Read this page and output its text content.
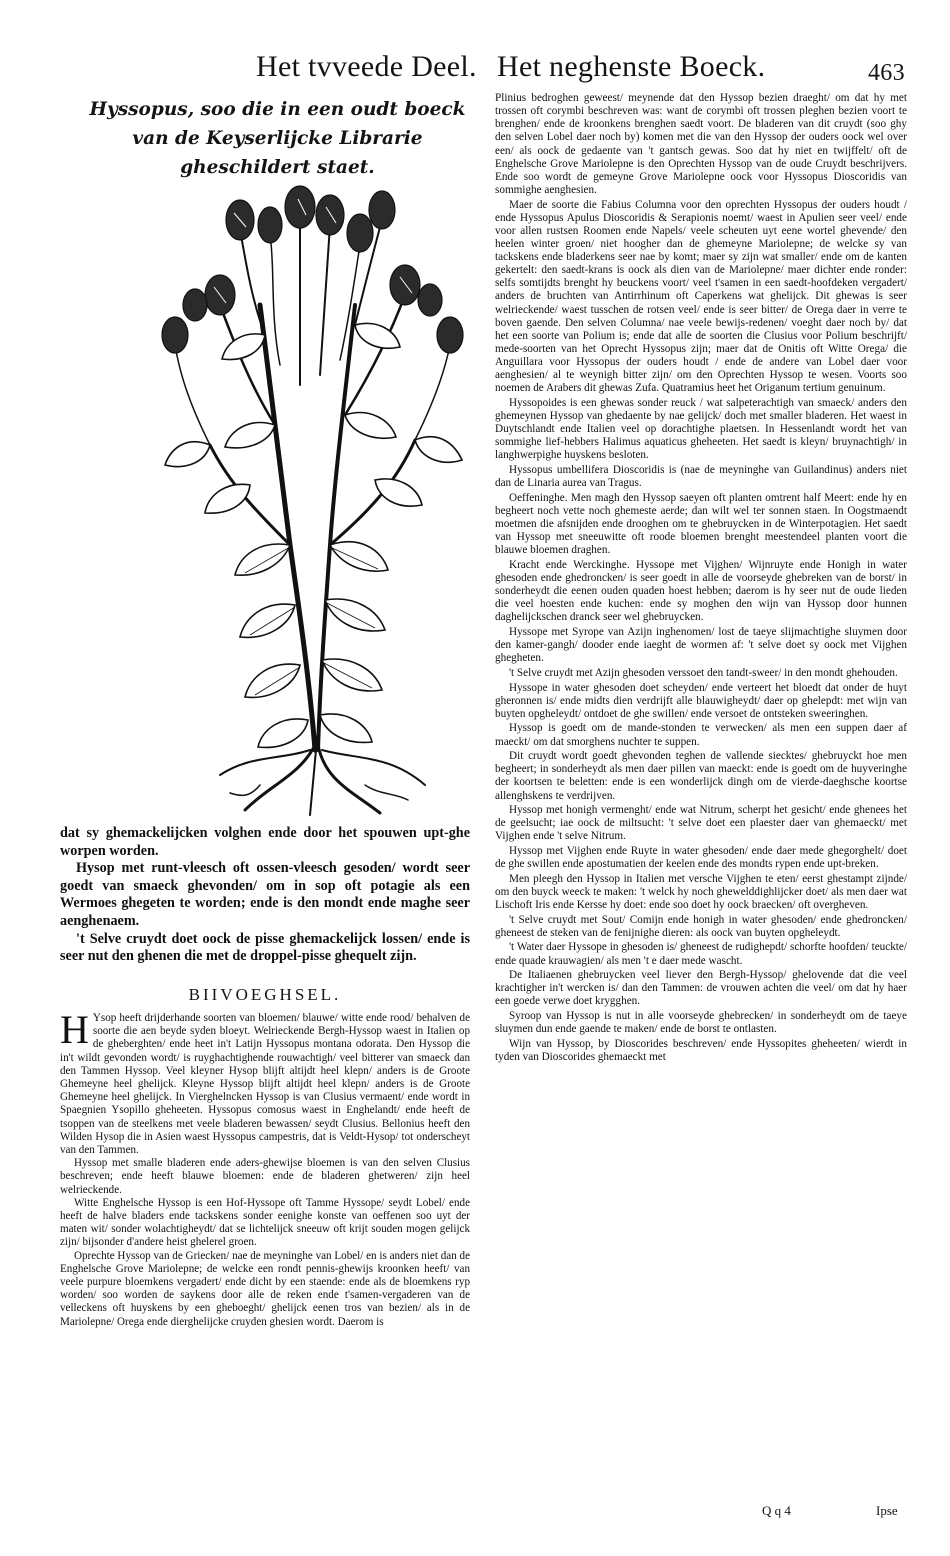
Het tvveede Deel. Het neghenste Boeck.	463
Hyssopus, soo die in een oudt boeck van de Keyserlijcke Librarie gheschildert staet.

Plinius bedroghen geweest/ meynende dat den Hyssop bezien draeght/ om dat hy met trossen oft corymbi beschreven was: want de corymbi oft trossen pleghen bezien voort te brenghen/ ende de kroonkens brenghen saedt voort. De bladeren van dit cruydt (soo ghy den selven Lobel daer noch by) komen met die van den Hyssop der ouders oock wel over een/ als oock de gedaente van 't gantsch gewas. Soo dat hy niet en twijffelt/ oft de Enghelsche Grove Mariolepne is den Oprechten Hyssop van de oude Cruydt beschrijvers. Ende soo wordt de gemeyne Grove Mariolepne oock voor Hyssopus Dioscoridis van sommighe aenghesien.

Maer de soorte die Fabius Columna voor den oprechten Hyssopus der ouders houdt / ende Hyssopus Apulus Dioscoridis & Serapionis noemt/ waest in Apulien seer veel/ ende voor allen rustsen Roomen ende Napels/ veele scheuten uyt eene wortel ghevende/ den heelen winter groen/ niet hoogher dan de ghemeyne Mariolepne; de welcke sy van tackskens ende bladerkens seer nae by komt; maer sy zijn wat smaller/ ende om de kanten gekertelt: den saedt-krans is oock als dien van de Mariolepne/ maer dichter ende ronder: selfs somtijdts brenght hy beuckens voort/ veel t'samen in een saedt-hoofdeken vergadert/ anders de bruchten van Antirrhinum oft Caperkens wat ghelijck. Dit ghewas is seer welrieckende/ waest tusschen de rotsen veel/ ende is seer bitter/ de Orega daer in verre te boven gaende. Den selven Columna/ nae veele bewijs-redenen/ voeght daer noch by/ dat het een soorte van Polium is; ende dat alle de soorten die Clusius voor Polium beschrijft/ mede-soorten van het Oprecht Hyssopus zijn; maer dat de Onitis oft Witte Orega/ die Anguillara voor Hyssopus der ouders houdt / ende de andere van Lobel daer voor aenghesien/ al te weynigh bitter zijn/ om den Oprechten Hyssop te wesen. Voorts soo noemen de Arabers dit ghewas Zufa. Quatramius heet het Origanum tertium genuinum.

Hyssopoides is een ghewas sonder reuck / wat salpeterachtigh van smaeck/ anders den ghemeynen Hyssop van ghedaente by nae gelijck/ doch met smaller bladeren. Het waest in Duytschlandt ende Italien veel op dorachtighe plaetsen. In Hessenlandt wordt het van sommighe lief-hebbers Halimus aquaticus gheheeten. Het saedt is kleyn/ bruynachtigh/ in langhwerpighe huyskens besloten.

Hyssopus umbellifera Dioscoridis is (nae de meyninghe van Guilandinus) anders niet dan de Linaria aurea van Tragus.

Oeffeninghe. Men magh den Hyssop saeyen oft planten omtrent half Meert: ende hy en begheert noch vette noch ghemeste aerde; dan wilt wel ter sonnen staen. In Oogstmaendt moetmen die afsnijden ende drooghen om te ghebruycken in de Winterpotagien. Het saedt van Hyssop met sneeuwitte oft roode bloemen brenght meestendeel planten voort die blauwe bloemen draghen.

Kracht ende Werckinghe. Hyssope met Vijghen/ Wijnruyte ende Honigh in water ghesoden ende ghedroncken/ is seer goedt in alle de voorseyde ghebreken van de borst/ in sonderheydt die eenen ouden quaden hoest hebben; daerom is hy seer nut de oude lieden die veel hoesten ende kuchen: ende sy moghen den wijn van Hyssop door hunnen daghelijckschen dranck seer wel ghebruycken.

Hyssope met Syrope van Azijn inghenomen/ lost de taeye slijmachtighe sluymen door den kamer-gangh/ dooder ende iaeght de wormen af: 't selve doet sy oock met Vijghen ghegheten.

't Selve cruydt met Azijn ghesoden verssoet den tandt-sweer/ in den mondt ghehouden.

Hyssope in water ghesoden doet scheyden/ ende verteert het bloedt dat onder de huyt gheronnen is/ ende midts dien verdrijft alle blauwigheydt/ daer op ghelepdt: met wijn van buyten opgheleydt/ ontdoet de ghe swillen/ ende versoet de ontsteken sweeringhen.

Hyssop is goedt om de mande-stonden te verwecken/ als men een suppen daer af maeckt/ om dat smorghens nuchter te suppen.

Dit cruydt wordt goedt ghevonden teghen de vallende siecktes/ ghebruyckt hoe men begheert; in sonderheydt als men daer pillen van maeckt: ende is goedt om de huyveringhe der koortsen te beletten: ende is een wonderlijck dingh om de vierde-daeghsche koortse allenghskens te verdrijven.

Hyssop met honigh vermenght/ ende wat Nitrum, scherpt het gesicht/ ende ghenees het de geelsucht; iae oock de miltsucht: 't selve doet een plaester daer van ghemaeckt/ met Vijghen ende 't selve Nitrum.

Hyssop met Vijghen ende Ruyte in water ghesoden/ ende daer mede ghegorghelt/ doet de ghe swillen ende apostumatien der keelen ende des mondts rypen ende upt-breken.

Men pleegh den Hyssop in Italien met versche Vijghen te eten/ eerst ghestampt zijnde/ om den buyck weeck te maken: 't welck hy noch ghewelddighlijcker doet/ als men daer wat Lischoft Iris ende Kersse hy doet: ende soo doet hy oock braecken/ oft overgheven.

't Selve cruydt met Sout/ Comijn ende honigh in water ghesoden/ ende ghedroncken/ gheneest de steken van de fenijnighe dieren: als oock van buyten opgheleydt.

't Water daer Hyssope in ghesoden is/ gheneest de rudighepdt/ schorfte hoofden/ teuckte/ ende quade krauwagien/ als men 't e daer mede wascht.

De Italiaenen ghebruycken veel liever den Bergh-Hyssop/ ghelovende dat die veel krachtigher in't wercken is/ dan den Tammen: de vrouwen achten die veel/ om dat hy haer een goede verwe doet krygghen.

Syroop van Hyssop is nut in alle voorseyde ghebrecken/ in sonderheydt om de taeye sluymen dun ende gaende te maken/ ende de borst te ontlasten.

Wijn van Hyssop, by Dioscorides beschreven/ ende Hyssopites gheheeten/ wierdt in tyden van Dioscorides ghemaeckt met

dat sy ghemackelijcken volghen ende door het spouwen upt-ghe worpen worden.

Hysop met runt-vleesch oft ossen-vleesch gesoden/ wordt seer goedt van smaeck ghevonden/ om in sop oft potagie als een Wermoes ghegeten te worden; ende is den mondt ende maghe seer aenghenaem.

't Selve cruydt doet oock de pisse ghemackelijck lossen/ ende is seer nut den ghenen die met de droppel-pisse ghequelt zijn.

BIIVOEGHSEL.

H Ysop heeft drijderhande soorten van bloemen/ blauwe/ witte ende rood/ behalven de soorte die aen beyde syden bloeyt. Welrieckende Bergh-Hyssop waest in Italien op de gheberghten/ ende heet in't Latijn Hyssopus montana odorata. Den Hyssop die in't wildt gevonden wordt/ is ruyghachtighende rouwachtigh/ veel bitterer van smaeck dan den Tammen Hyssop. Veel kleyner Hysop blijft altijdt heel klepn/ anders is de Groote Ghemeyne heel ghelijck. Kleyne Hyssop blijft altijdt heel klepn/ anders is de Groote Ghemeyne heel ghelijck. In Vierghelncken Hyssop is van Clusius vermaent/ ende wordt in Spaegnien Ysopillo gheheeten. Hyssopus comosus waest in Enghelandt/ ende heeft de tsoppen van de steelkens met veele bladeren bewassen/ seydt Clusius. Bellonius heeft den Wilden Hysop die in Asien waest Hyssopus campestris, dat is Veldt-Hysop/ tot onderscheyt van den Tammen.

Hyssop met smalle bladeren ende aders-ghewijse bloemen is van den selven Clusius beschreven; ende heeft blauwe bloemen: ende de bladeren ghetweren/ zijn heel welrieckende.

Witte Enghelsche Hyssop is een Hof-Hyssope oft Tamme Hyssope/ seydt Lobel/ ende heeft de halve bladers ende tackskens sonder eenighe konste van oeffenen soo uyt der maten wit/ sonder wolachtigheydt/ dat se lichtelijck sneeuw oft krijt souden mogen gelijck zijn/ bijsonder d'andere heist ghelerel groen.

Oprechte Hyssop van de Griecken/ nae de meyninghe van Lobel/ en is anders niet dan de Enghelsche Grove Mariolepne; de welcke een rondt pennis-ghewijs kroonken heeft/ van veele purpure bloemkens vergadert/ ende dicht by een staende: ende als de bloemkens ryp worden/ soo worden de saykens door alle de reken ende t'samen-vergaderen van de velleckens oft huyskens by een gheboeght/ ghelijck eenen tros van bezien/ als in de Mariolepne/ Orega ende dierghelijcke cruyden ghesien wordt. Daerom is

Q q 4	Ipse
